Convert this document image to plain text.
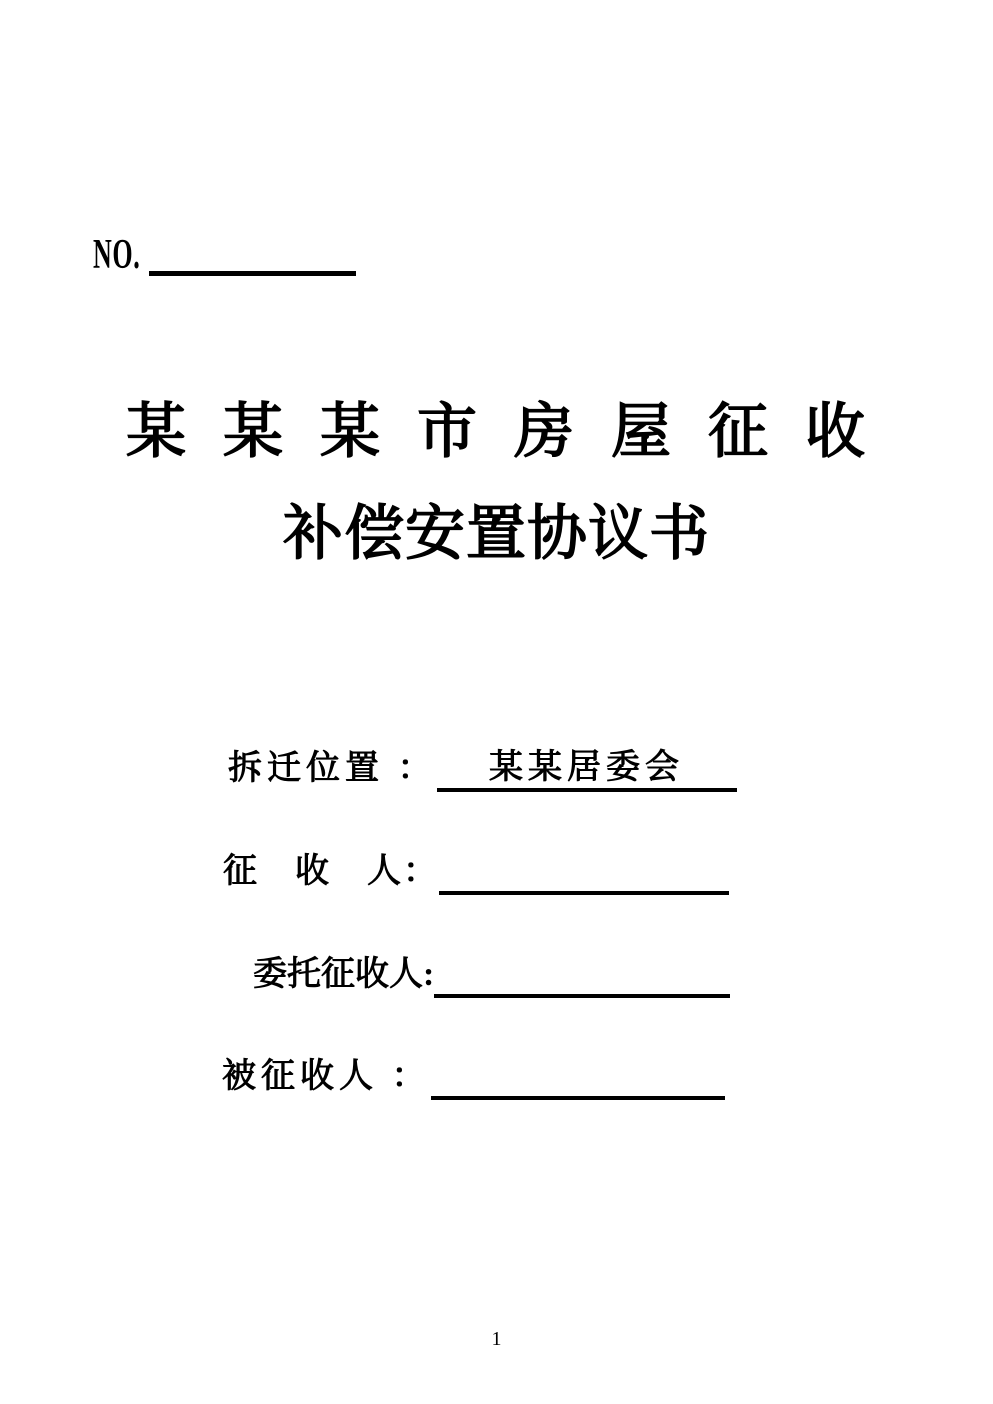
NO.
某 某 某 市 房 屋 征 收
补偿安置协议书
拆迁位置 ：	某某居委会
征　收　人：
委托征收人:
被征收人 ：
1
